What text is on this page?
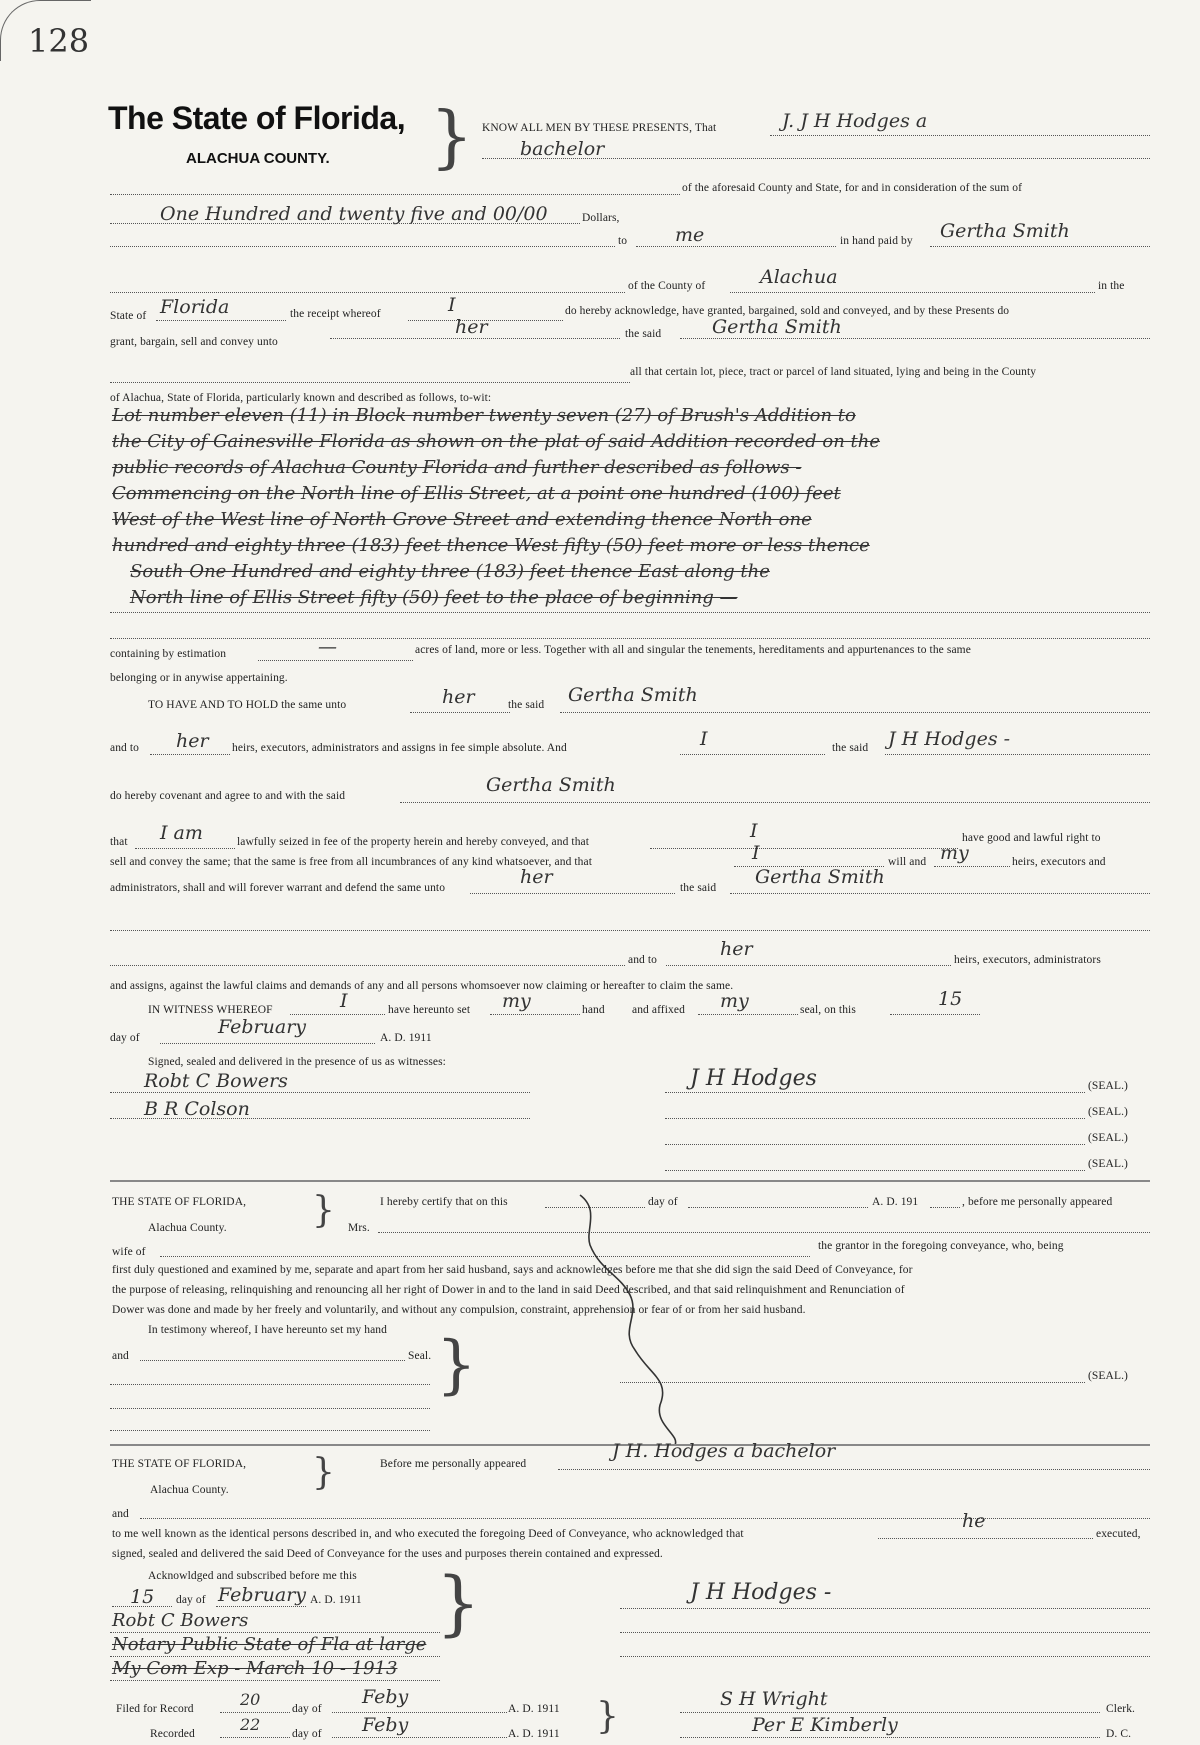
128
The State of Florida,
ALACHUA COUNTY. } KNOW ALL MEN BY THESE PRESENTS, That	J. J H Hodges a
bachelor
of the aforesaid County and State, for and in consideration of the sum of
One Hundred and twenty five and 00/00	Dollars,
to	me	in hand paid by Gertha Smith
of the County of	Alachua	in the
State of Florida	the receipt whereof	I	do hereby acknowledge, have granted, bargained, sold and conveyed, and by these Presents do
grant, bargain, sell and convey unto
her	the said	Gertha Smith
all that certain lot, piece, tract or parcel of land situated, lying and being in the County
of Alachua, State of Florida, particularly known and described as follows, to-wit:
Lot number eleven (11) in Block number twenty seven (27) of Brush's Addition to
the City of Gainesville Florida as shown on the plat of said Addition recorded on the
public records of Alachua County Florida and further described as follows -
Commencing on the North line of Ellis Street, at a point one hundred (100) feet
West of the West line of North Grove Street and extending thence North one
hundred and eighty three (183) feet thence West fifty (50) feet more or less thence
South One Hundred and eighty three (183) feet thence East along the
North line of Ellis Street fifty (50) feet to the place of beginning —
containing by estimation	—	acres of land, more or less. Together with all and singular the tenements, hereditaments and appurtenances to the same
belonging or in anywise appertaining.
TO HAVE AND TO HOLD the same unto	her	the said Gertha Smith
and to her heirs, executors, administrators and assigns in fee simple absolute. And	I	the said J H Hodges -
do hereby covenant and agree to and with the said	Gertha Smith
that I am	lawfully seized in fee of the property herein and hereby conveyed, and that	I	have good and lawful right to
sell and convey the same; that the same is free from all incumbrances of any kind whatsoever, and that	I	will and my	heirs, executors and
administrators, shall and will forever warrant and defend the same unto	her	the said Gertha Smith
and to	her	heirs, executors, administrators
and assigns, against the lawful claims and demands of any and all persons whomsoever now claiming or hereafter to claim the same.
IN WITNESS WHEREOF	I	have hereunto set my	hand and affixed my	seal, on this	15
day of	February	A. D. 1911
Signed, sealed and delivered in the presence of us as witnesses:
Robt C Bowers
B R Colson
J H Hodges	(SEAL.)
(SEAL.)
(SEAL.)
(SEAL.)
THE STATE OF FLORIDA,
Alachua County. }	I hereby certify that on this	day of	A. D. 191	, before me personally appeared
Mrs.
wife of	the grantor in the foregoing conveyance, who, being
first duly questioned and examined by me, separate and apart from her said husband, says and acknowledges before me that she did sign the said Deed of Conveyance, for
the purpose of releasing, relinquishing and renouncing all her right of Dower in and to the land in said Deed described, and that said relinquishment and Renunciation of
Dower was done and made by her freely and voluntarily, and without any compulsion, constraint, apprehension or fear of or from her said husband.
In testimony whereof, I have hereunto set my hand
and	Seal. }	(SEAL.)
THE STATE OF FLORIDA,
Alachua County. }	Before me personally appeared
J H. Hodges a bachelor
and
to me well known as the identical persons described in, and who executed the foregoing Deed of Conveyance, who acknowledged that
he
executed,
signed, sealed and delivered the said Deed of Conveyance for the uses and purposes therein contained and expressed.
Acknowldged and subscribed before me this
15 day of February A. D. 1911 }
Robt C Bowers
Notary Public State of Fla at large
My Com Exp - March 10 - 1913
J H Hodges -
Filed for Record	20	day of
Feby
A. D. 1911
Recorded	22	day of Feby	A. D. 1911 }	S H Wright	Clerk.
Per E Kimberly	D. C.
